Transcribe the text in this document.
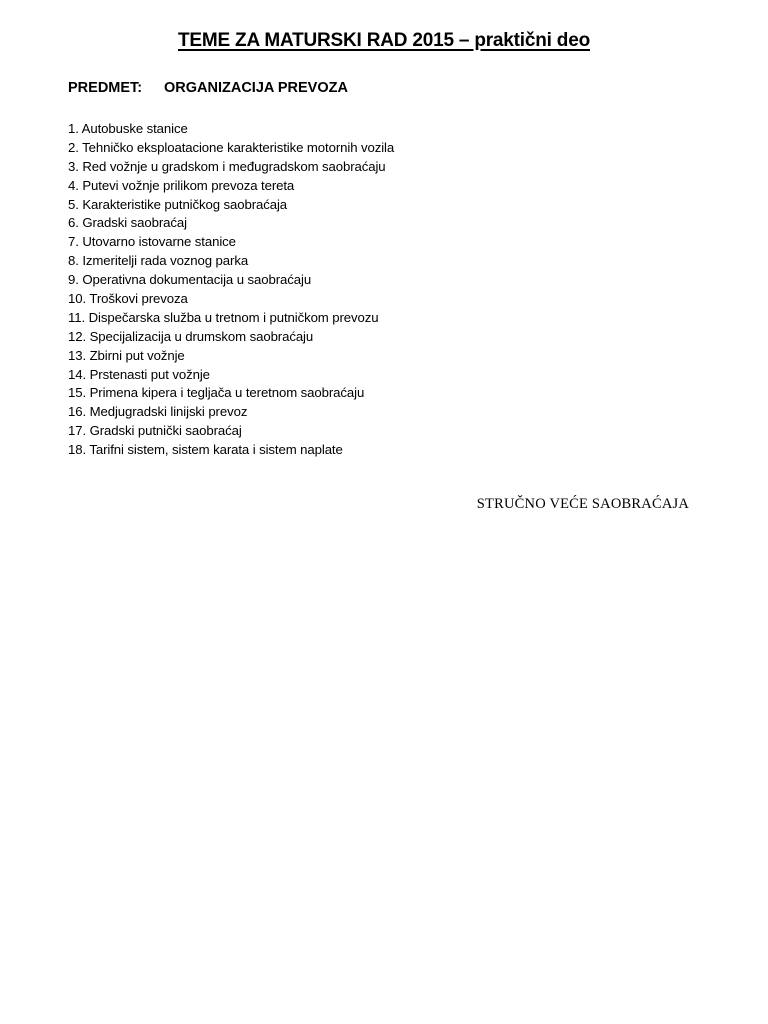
TEME ZA MATURSKI RAD 2015 – praktični deo
PREDMET: ORGANIZACIJA PREVOZA
1. Autobuske stanice
2. Tehničko eksploatacione karakteristike motornih vozila
3. Red vožnje u gradskom i međugradskom saobraćaju
4. Putevi vožnje prilikom prevoza tereta
5. Karakteristike putničkog saobraćaja
6. Gradski saobraćaj
7. Utovarno istovarne stanice
8. Izmeritelji rada voznog parka
9. Operativna dokumentacija u saobraćaju
10. Troškovi prevoza
11. Dispečarska služba u tretnom i putničkom prevozu
12. Specijalizacija u drumskom saobraćaju
13. Zbirni put vožnje
14. Prstenasti put vožnje
15. Primena kipera i tegljača u teretnom saobraćaju
16. Medjugradski linijski prevoz
17. Gradski putnički saobraćaj
18. Tarifni sistem, sistem karata i sistem naplate
STRUČNO VEĆE SAOBRAĆAJA
